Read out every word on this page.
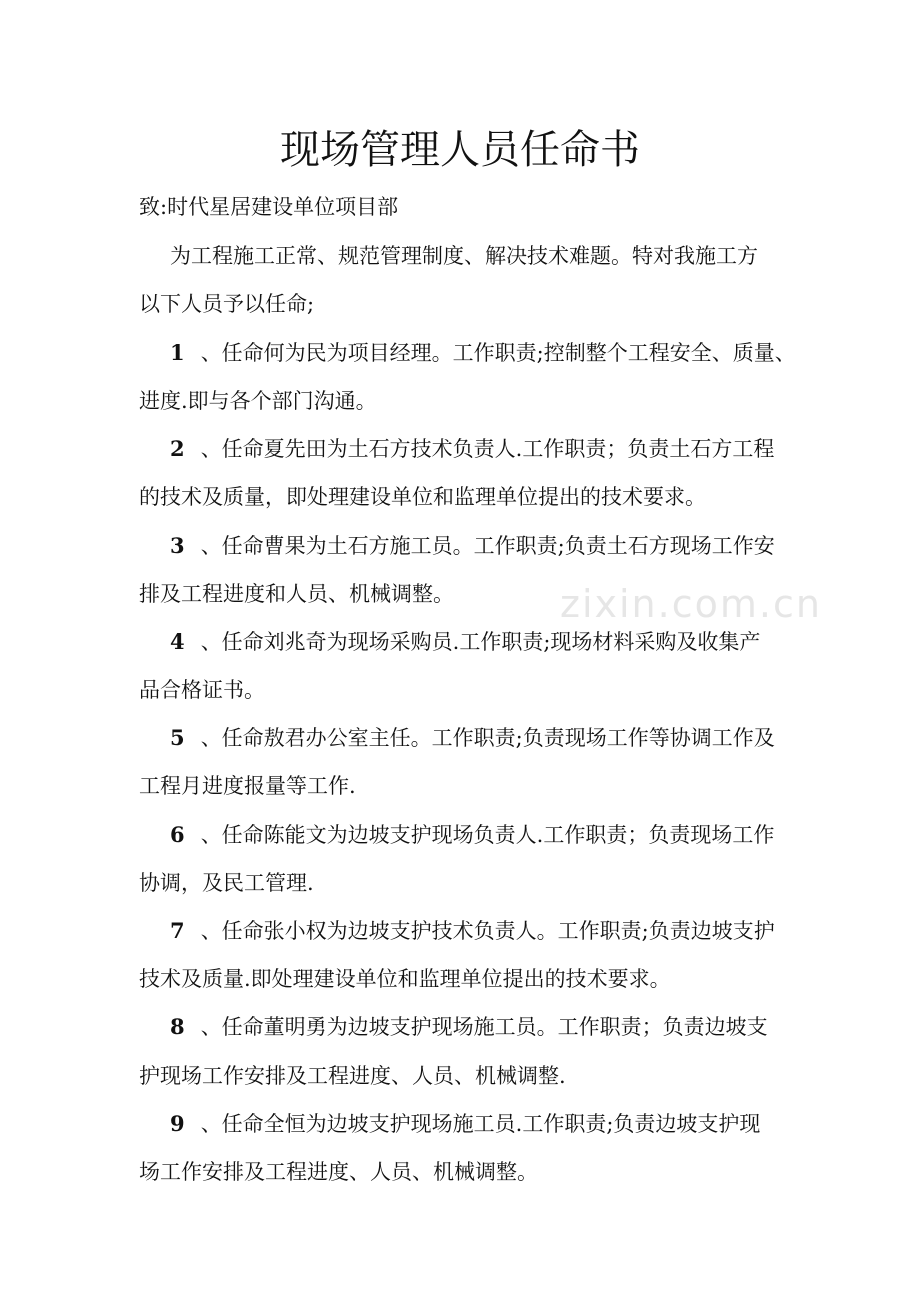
zixin.com.cn
现场管理人员任命书

致:时代星居建设单位项目部

为工程施工正常、规范管理制度、解决技术难题。特对我施工方

以下人员予以任命;

1 、任命何为民为项目经理。工作职责;控制整个工程安全、质量、

进度.即与各个部门沟通。

2 、任命夏先田为土石方技术负责人.工作职责；负责土石方工程

的技术及质量，即处理建设单位和监理单位提出的技术要求。

3 、任命曹果为土石方施工员。工作职责;负责土石方现场工作安

排及工程进度和人员、机械调整。

4 、任命刘兆奇为现场采购员.工作职责;现场材料采购及收集产

品合格证书。

5 、任命敖君办公室主任。工作职责;负责现场工作等协调工作及

工程月进度报量等工作.

6 、任命陈能文为边坡支护现场负责人.工作职责；负责现场工作

协调，及民工管理.

7 、任命张小权为边坡支护技术负责人。工作职责;负责边坡支护

技术及质量.即处理建设单位和监理单位提出的技术要求。

8 、任命董明勇为边坡支护现场施工员。工作职责；负责边坡支

护现场工作安排及工程进度、人员、机械调整.

9 、任命全恒为边坡支护现场施工员.工作职责;负责边坡支护现

场工作安排及工程进度、人员、机械调整。
